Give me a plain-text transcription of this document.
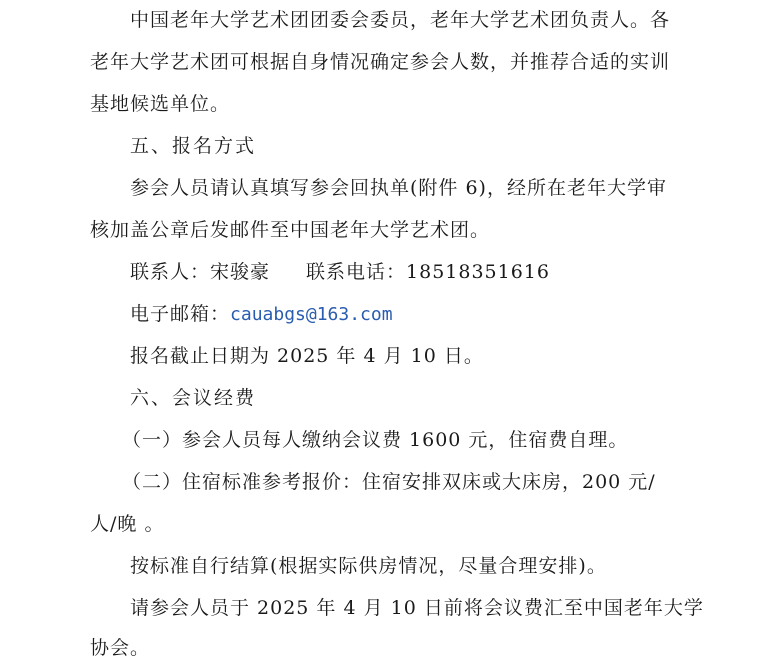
中国老年大学艺术团团委会委员，老年大学艺术团负责人。各
老年大学艺术团可根据自身情况确定参会人数，并推荐合适的实训
基地候选单位。
五、报名方式
参会人员请认真填写参会回执单(附件 6)，经所在老年大学审
核加盖公章后发邮件至中国老年大学艺术团。
联系人：宋骏豪 联系电话：18518351616
电子邮箱：cauabgs@163.com
报名截止日期为 2025 年 4 月 10 日。
六、会议经费
（一）参会人员每人缴纳会议费 1600 元，住宿费自理。
（二）住宿标准参考报价：住宿安排双床或大床房，200 元/
人/晚 。
按标准自行结算(根据实际供房情况，尽量合理安排)。
请参会人员于 2025 年 4 月 10 日前将会议费汇至中国老年大学
协会。
